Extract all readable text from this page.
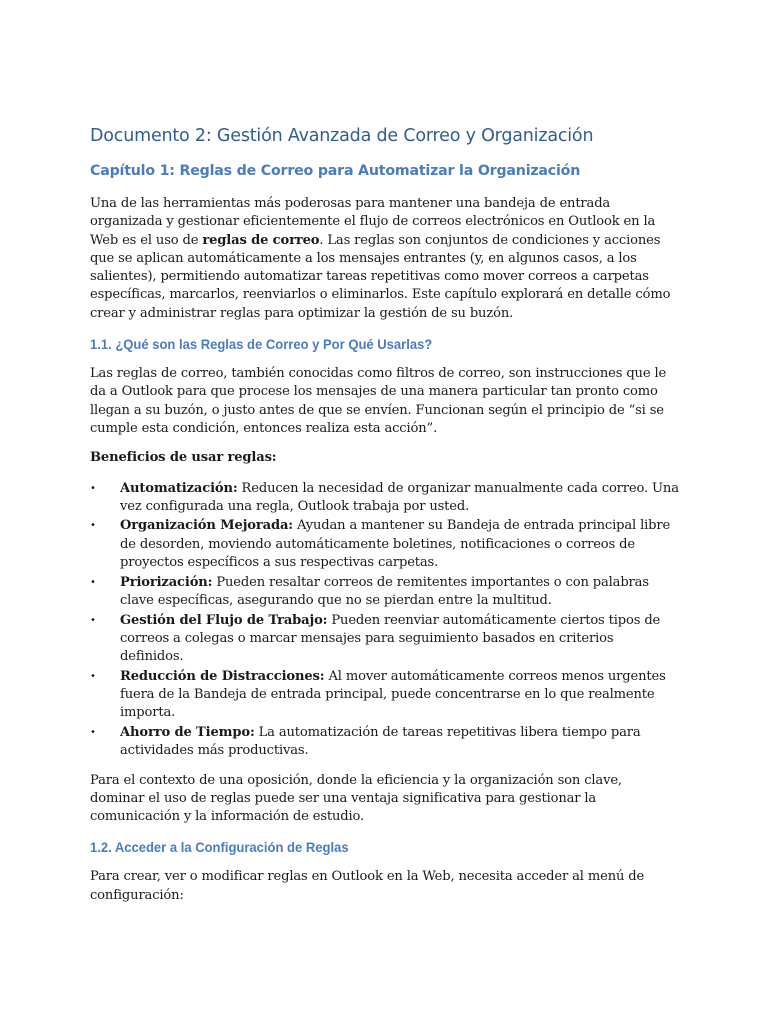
Documento 2: Gestión Avanzada de Correo y Organización
Capítulo 1: Reglas de Correo para Automatizar la Organización

Una de las herramientas más poderosas para mantener una bandeja de entrada organizada y gestionar eficientemente el flujo de correos electrónicos en Outlook en la Web es el uso de reglas de correo. Las reglas son conjuntos de condiciones y acciones que se aplican automáticamente a los mensajes entrantes (y, en algunos casos, a los salientes), permitiendo automatizar tareas repetitivas como mover correos a carpetas específicas, marcarlos, reenviarlos o eliminarlos. Este capítulo explorará en detalle cómo crear y administrar reglas para optimizar la gestión de su buzón.

1.1. ¿Qué son las Reglas de Correo y Por Qué Usarlas?

Las reglas de correo, también conocidas como filtros de correo, son instrucciones que le da a Outlook para que procese los mensajes de una manera particular tan pronto como llegan a su buzón, o justo antes de que se envíen. Funcionan según el principio de “si se cumple esta condición, entonces realiza esta acción”.

Beneficios de usar reglas:

• Automatización: Reducen la necesidad de organizar manualmente cada correo. Una vez configurada una regla, Outlook trabaja por usted.
• Organización Mejorada: Ayudan a mantener su Bandeja de entrada principal libre de desorden, moviendo automáticamente boletines, notificaciones o correos de proyectos específicos a sus respectivas carpetas.
• Priorización: Pueden resaltar correos de remitentes importantes o con palabras clave específicas, asegurando que no se pierdan entre la multitud.
• Gestión del Flujo de Trabajo: Pueden reenviar automáticamente ciertos tipos de correos a colegas o marcar mensajes para seguimiento basados en criterios definidos.
• Reducción de Distracciones: Al mover automáticamente correos menos urgentes fuera de la Bandeja de entrada principal, puede concentrarse en lo que realmente importa.
• Ahorro de Tiempo: La automatización de tareas repetitivas libera tiempo para actividades más productivas.

Para el contexto de una oposición, donde la eficiencia y la organización son clave, dominar el uso de reglas puede ser una ventaja significativa para gestionar la comunicación y la información de estudio.

1.2. Acceder a la Configuración de Reglas

Para crear, ver o modificar reglas en Outlook en la Web, necesita acceder al menú de configuración:
